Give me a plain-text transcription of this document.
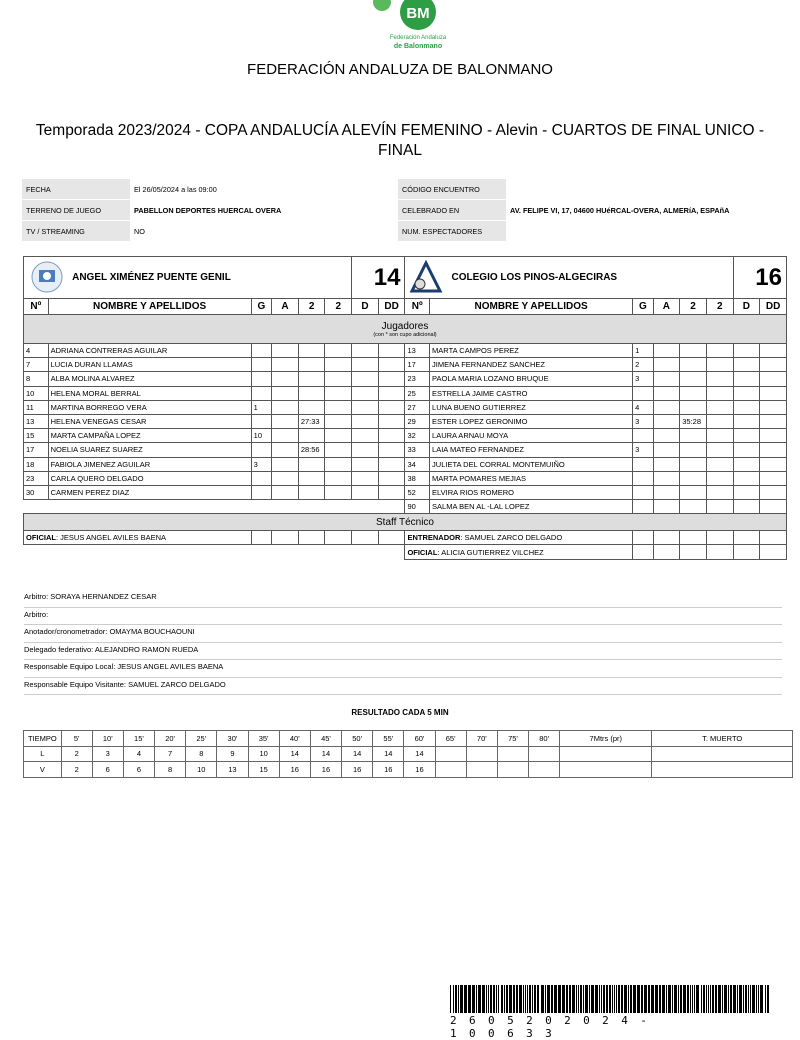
BM
Federación Andaluza
de Balonmano
FEDERACIÓN ANDALUZA DE BALONMANO
Temporada 2023/2024 - COPA ANDALUCÍA ALEVÍN FEMENINO - Alevin - CUARTOS DE FINAL UNICO - FINAL
FECHA	El 26/05/2024 a las 09:00	CÓDIGO ENCUENTRO	
TERRENO DE JUEGO	PABELLON DEPORTES HUERCAL OVERA	CELEBRADO EN	AV. FELIPE VI, 17, 04600 HUéRCAL-OVERA, ALMERíA, ESPAñA
TV / STREAMING	NO	NUM. ESPECTADORES	
ANGEL XIMÉNEZ PUENTE GENIL						14		COLEGIO LOS PINOS-ALGECIRAS						16	
Nº	NOMBRE Y APELLIDOS	G	A	2	2	D	DD	Nº	NOMBRE Y APELLIDOS	G	A	2	2	D	DD
Jugadores
(con * son cupo adicional)															

4	ADRIANA CONTRERAS AGUILAR							13	MARTA CAMPOS PEREZ	1					
7	LUCIA DURAN LLAMAS							17	JIMENA FERNANDEZ SANCHEZ	2					
8	ALBA MOLINA ALVAREZ							23	PAOLA MARIA LOZANO BRUQUE	3					
10	HELENA MORAL BERRAL							25	ESTRELLA JAIME CASTRO						
11	MARTINA BORREGO VERA	1						27	LUNA BUENO GUTIERREZ	4					
13	HELENA VENEGAS CESAR			27:33				29	ESTER LOPEZ GERONIMO	3		35:28			
15	MARTA CAMPAÑA LOPEZ	10						32	LAURA ARNAU MOYA						
17	NOELIA SUAREZ SUAREZ			28:56				33	LAIA MATEO FERNANDEZ	3					
18	FABIOLA JIMENEZ AGUILAR	3						34	JULIETA DEL CORRAL MONTEMUIÑO						
23	CARLA QUERO DELGADO							38	MARTA POMARES MEJIAS						
30	CARMEN PEREZ DIAZ							52	ELVIRA RIOS ROMERO						
								90	SALMA BEN AL -LAL LOPEZ						
Staff Técnico															
OFICIAL: JESUS ANGEL AVILES BAENA								ENTRENADOR: SAMUEL ZARCO DELGADO							
								OFICIAL: ALICIA GUTIERREZ VILCHEZ							
Arbitro: SORAYA HERNANDEZ CESAR
Arbitro:
Anotador/cronometrador: OMAYMA BOUCHAOUNI
Delegado federativo: ALEJANDRO RAMON RUEDA
Responsable Equipo Local: JESUS ANGEL AVILES BAENA
Responsable Equipo Visitante: SAMUEL ZARCO DELGADO
RESULTADO CADA 5 MIN
TIEMPO	5'	10'	15'	20'	25'	30'	35'	40'	45'	50'	55'	60'	65'	70'	75'	80'	7Mtrs (pr)	T. MUERTO
L	2	3	4	7	8	9	10	14	14	14	14	14						
V	2	6	6	8	10	13	15	16	16	16	16	16						
2605202024-100633
